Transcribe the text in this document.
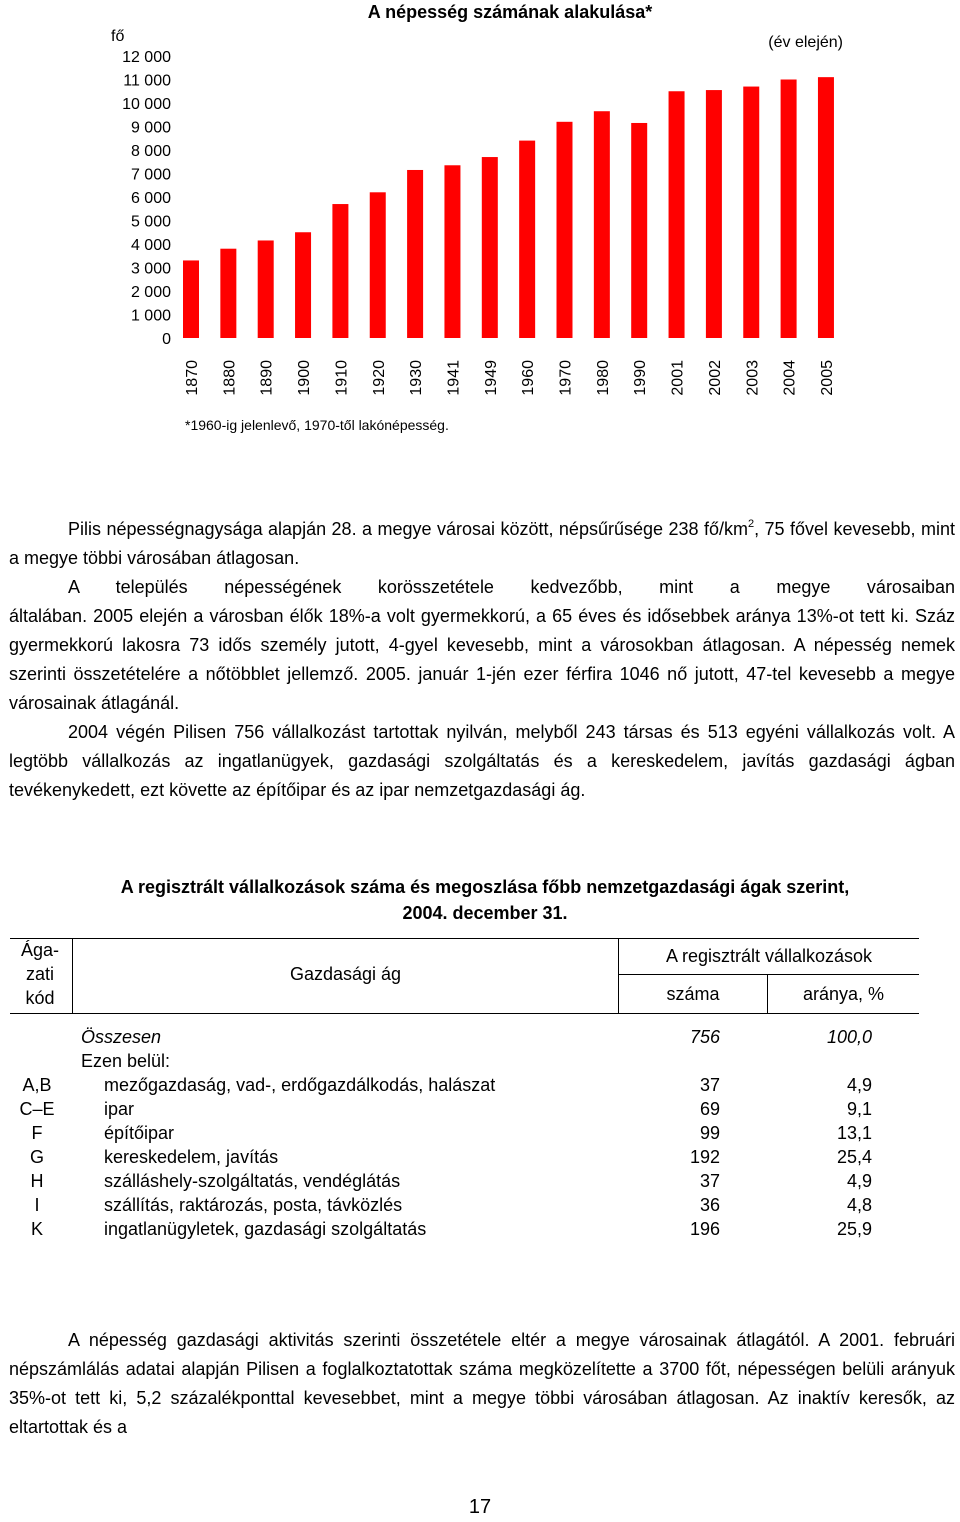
A népesség számának alakulása*
fő	(év elején)
12 000
11 000
10 000
9 000
8 000
7 000
6 000
5 000
4 000
3 000
2 000
1 000
0
1870 1880 1890 1900 1910 1920 1930 1941 1949 1960 1970 1980 1990 2001 2002 2003 2004 2005
*1960-ig jelenlevő, 1970-től lakónépesség.

Pilis népességnagysága alapján 28. a megye városai között, népsűrűsége 238 $fő/km^2$, 75 fővel kevesebb, mint a megye többi városában átlagosan.

A település népességének korösszetétele kedvezőbb, mint a megye városaiban

általában. 2005 elején a városban élők 18%-a volt gyermekkorú, a 65 éves és idősebbek aránya 13%-ot tett ki. Száz gyermekkorú lakosra 73 idős személy jutott, 4-gyel kevesebb, mint a városokban átlagosan. A népesség nemek szerinti összetételére a nőtöbblet jellemző. 2005. január 1-jén ezer férfira 1046 nő jutott, 47-tel kevesebb a megye városainak átlagánál.

2004 végén Pilisen 756 vállalkozást tartottak nyilván, melyből 243 társas és 513 egyéni vállalkozás volt. A legtöbb vállalkozás az ingatlanügyek, gazdasági szolgáltatás és a kereskedelem, javítás gazdasági ágban tevékenykedett, ezt követte az építőipar és az ipar nemzetgazdasági ág.

A regisztrált vállalkozások száma és megoszlása főbb nemzetgazdasági ágak szerint,
2004. december 31.
Ága-
zati
kód
Gazdasági ág
A regisztrált vállalkozások
száma	aránya, %
Összesen	756	100,0
Ezen belül:
A,B	mezőgazdaság, vad-, erdőgazdálkodás, halászat	37	4,9
C–E	ipar	69	9,1
F	építőipar	99	13,1
G	kereskedelem, javítás	192	25,4
H	szálláshely-szolgáltatás, vendéglátás	37	4,9
I	szállítás, raktározás, posta, távközlés	36	4,8
K	ingatlanügyletek, gazdasági szolgáltatás	196	25,9

A népesség gazdasági aktivitás szerinti összetétele eltér a megye városainak átlagától. A 2001. februári népszámlálás adatai alapján Pilisen a foglalkoztatottak száma megközelítette a 3700 főt, népességen belüli arányuk 35%-ot tett ki, 5,2 százalékponttal kevesebbet, mint a megye többi városában átlagosan. Az inaktív keresők, az eltartottak és a

17
